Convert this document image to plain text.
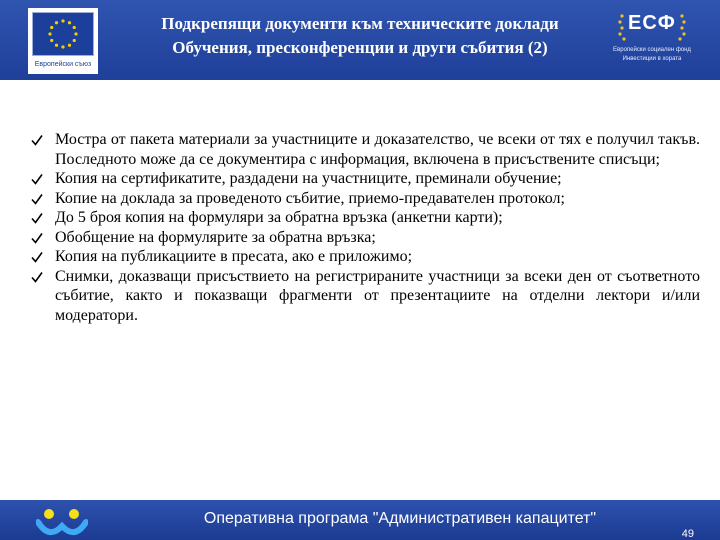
Европейски съюз
Подкрепящи документи към техническите доклади
Обучения, пресконференции и други събития (2)
ЕСФ
Европейски социален фонд Инвестиции в хората
Мостра от пакета материали за участниците и доказателство, че всеки от тях е получил такъв. Последното може да се документира с информация, включена в присъствените списъци;
Копия на сертификатите, раздадени на участниците, преминали обучение;
Копие на доклада за проведеното събитие, приемо-предавателен протокол;
До 5 броя копия на формуляри за обратна връзка (анкетни карти);
Обобщение на формулярите за обратна връзка;
Копия на публикациите в пресата, ако е приложимо;
Снимки, доказващи присъствието на регистрираните участници за всеки ден от съответното събитие, както и показващи фрагменти от презентациите на отделни лектори и/или модератори.
Оперативна програма "Административен капацитет"
49
